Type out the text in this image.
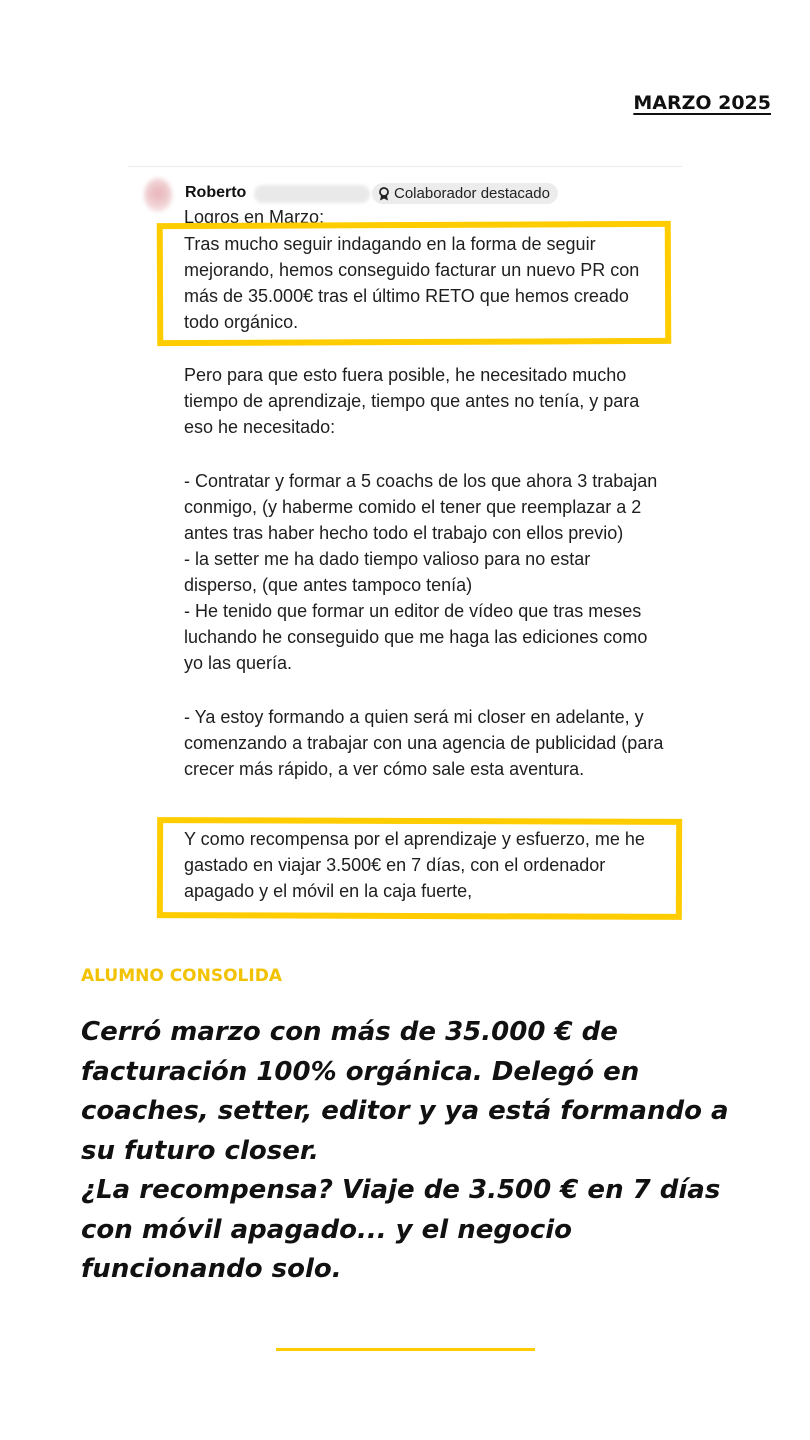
MARZO 2025
Roberto	Colaborador destacado

Logros en Marzo:

Tras mucho seguir indagando en la forma de seguir mejorando, hemos conseguido facturar un nuevo PR con más de 35.000€ tras el último RETO que hemos creado todo orgánico.

Pero para que esto fuera posible, he necesitado mucho tiempo de aprendizaje, tiempo que antes no tenía, y para eso he necesitado:

- Contratar y formar a 5 coachs de los que ahora 3 trabajan conmigo, (y haberme comido el tener que reemplazar a 2 antes tras haber hecho todo el trabajo con ellos previo)

- la setter me ha dado tiempo valioso para no estar disperso, (que antes tampoco tenía)

- He tenido que formar un editor de vídeo que tras meses luchando he conseguido que me haga las ediciones como yo las quería.

- Ya estoy formando a quien será mi closer en adelante, y comenzando a trabajar con una agencia de publicidad (para crecer más rápido, a ver cómo sale esta aventura.

Y como recompensa por el aprendizaje y esfuerzo, me he gastado en viajar 3.500€ en 7 días, con el ordenador apagado y el móvil en la caja fuerte,

ALUMNO CONSOLIDA

Cerró marzo con más de 35.000 € de facturación 100% orgánica. Delegó en coaches, setter, editor y ya está formando a su futuro closer.
¿La recompensa? Viaje de 3.500 € en 7 días con móvil apagado... y el negocio funcionando solo.
